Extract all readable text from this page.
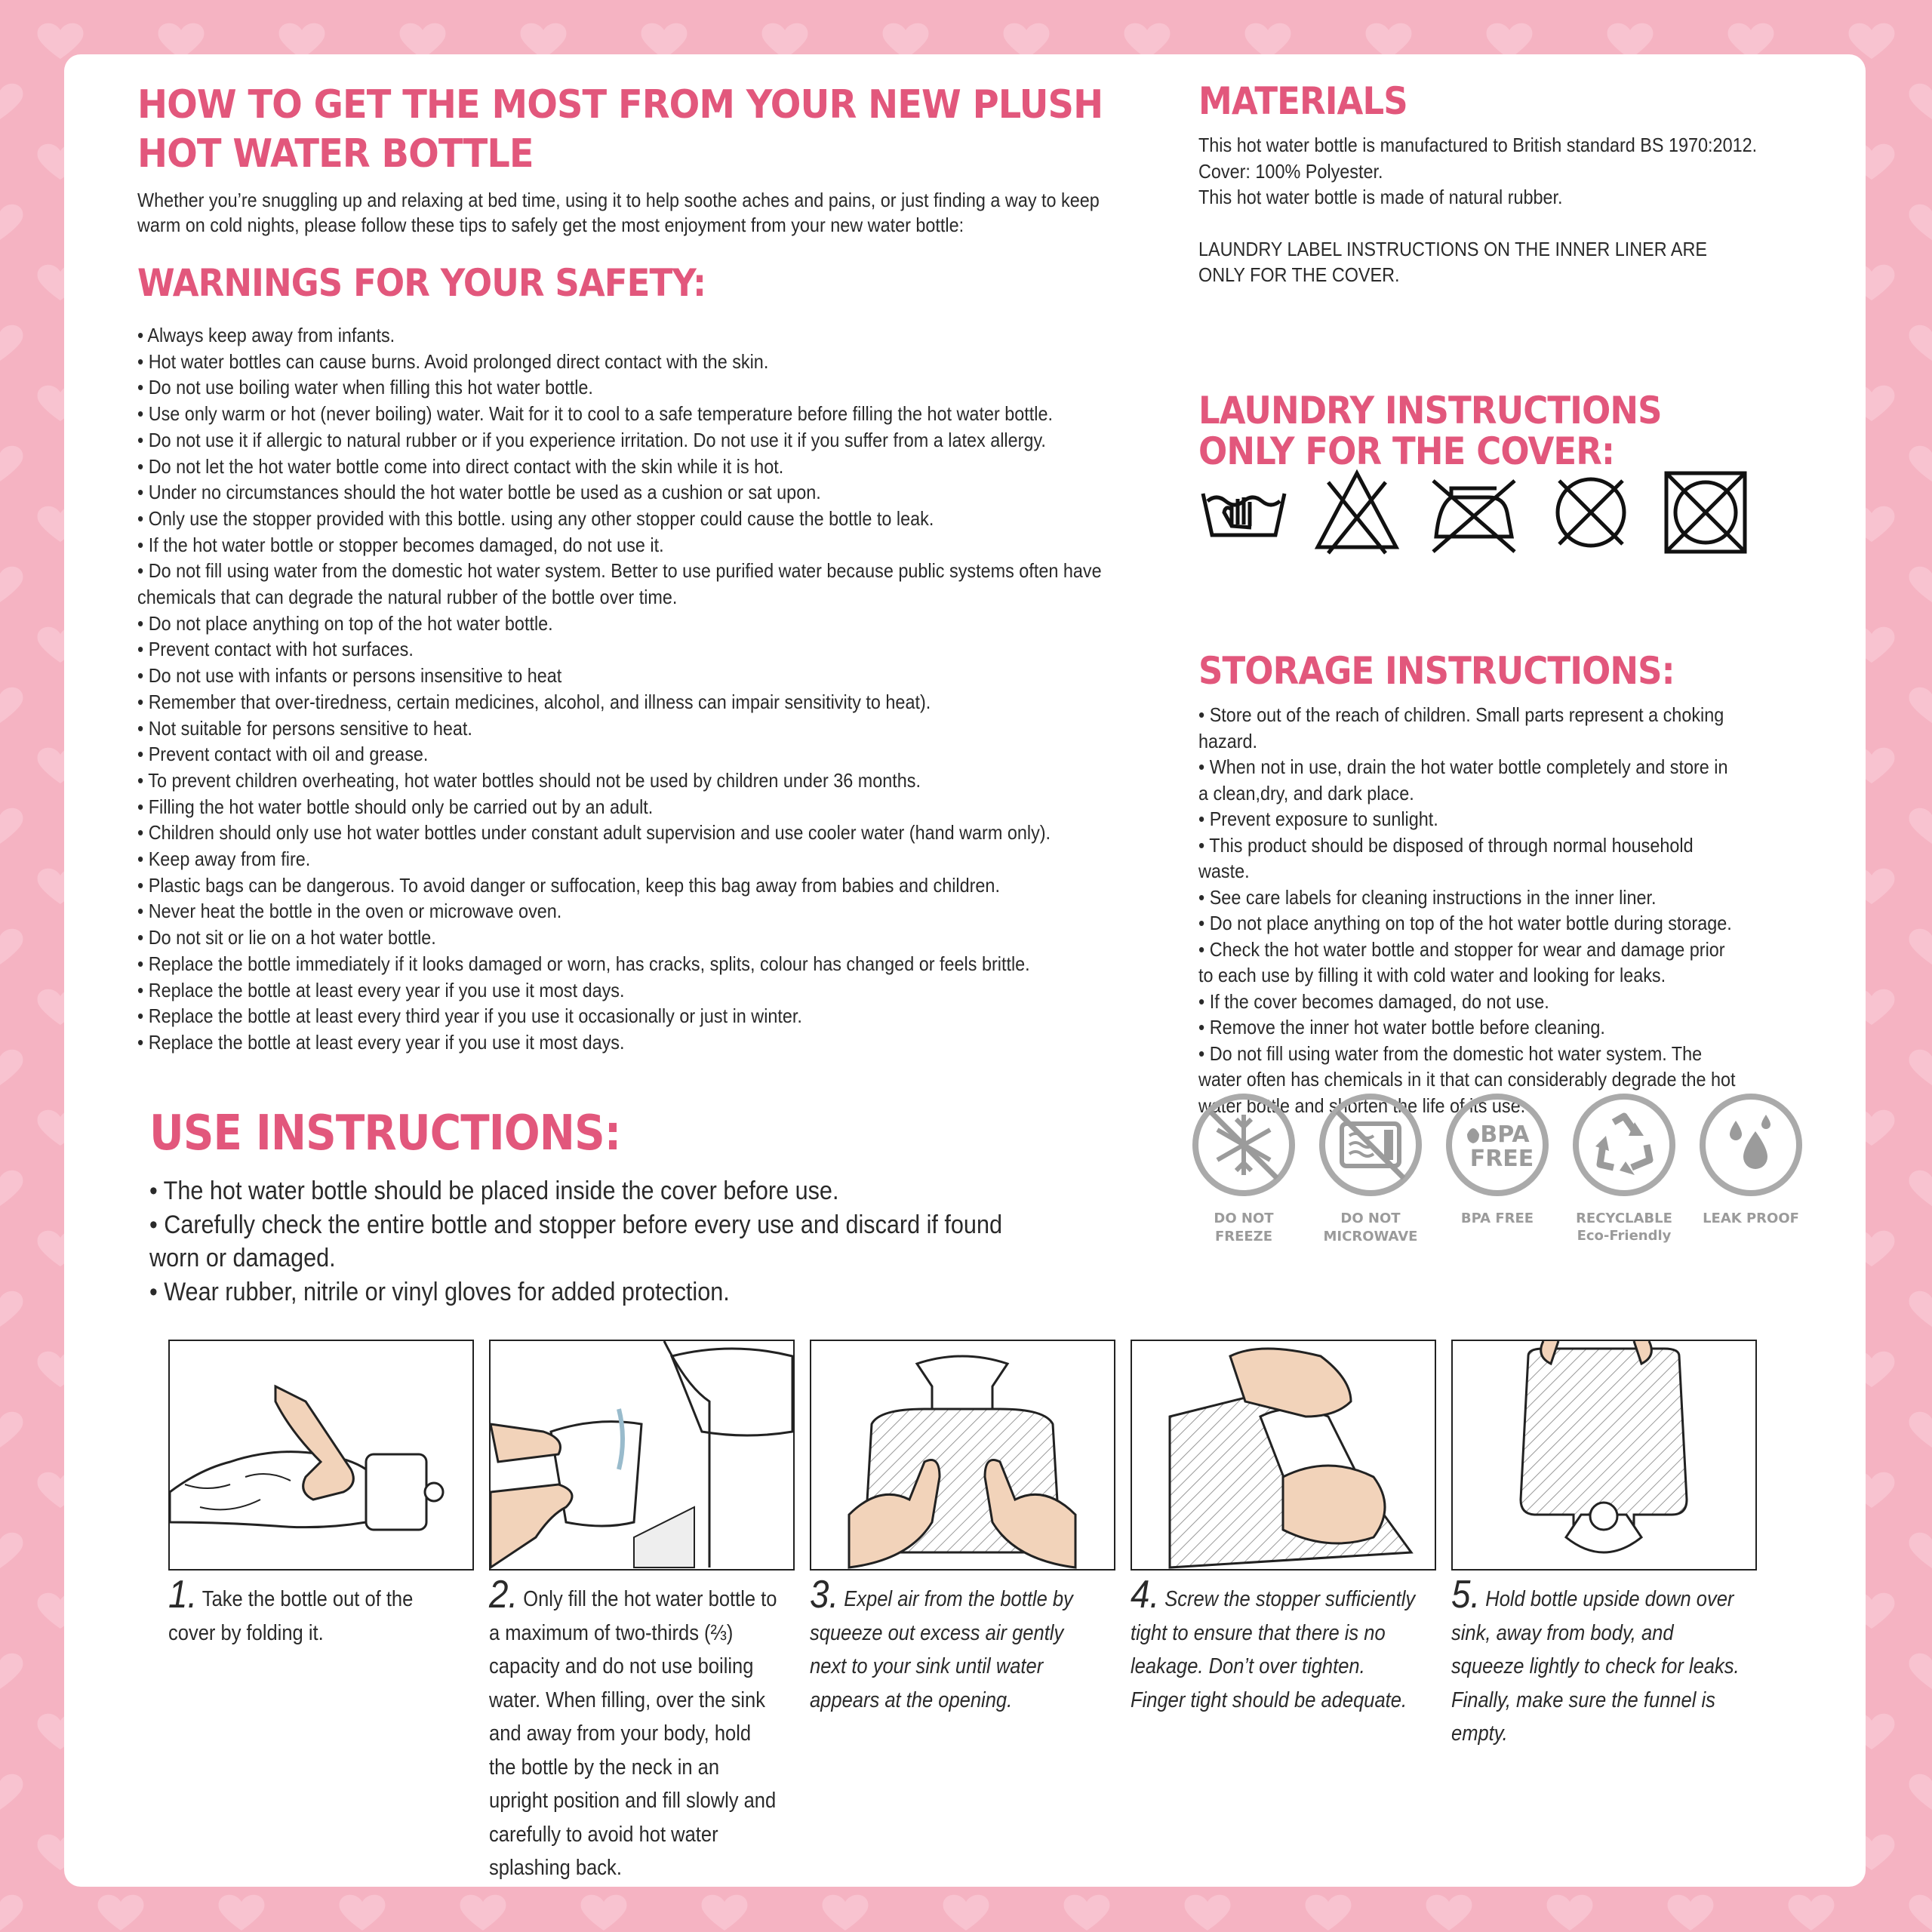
HOW TO GET THE MOST FROM YOUR NEW PLUSH HOT WATER BOTTLE

Whether you’re snuggling up and relaxing at bed time, using it to help soothe aches and pains, or just finding a way to keep warm on cold nights, please follow these tips to safely get the most enjoyment from your new water bottle:

WARNINGS FOR YOUR SAFETY:
• Always keep away from infants.
• Hot water bottles can cause burns. Avoid prolonged direct contact with the skin.
• Do not use boiling water when filling this hot water bottle.
• Use only warm or hot (never boiling) water. Wait for it to cool to a safe temperature before filling the hot water bottle.
• Do not use it if allergic to natural rubber or if you experience irritation. Do not use it if you suffer from a latex allergy.
• Do not let the hot water bottle come into direct contact with the skin while it is hot.
• Under no circumstances should the hot water bottle be used as a cushion or sat upon.
• Only use the stopper provided with this bottle. using any other stopper could cause the bottle to leak.
• If the hot water bottle or stopper becomes damaged, do not use it.
• Do not fill using water from the domestic hot water system. Better to use purified water because public systems often have chemicals that can degrade the natural rubber of the bottle over time.
• Do not place anything on top of the hot water bottle.
• Prevent contact with hot surfaces.
• Do not use with infants or persons insensitive to heat
• Remember that over-tiredness, certain medicines, alcohol, and illness can impair sensitivity to heat).
• Not suitable for persons sensitive to heat.
• Prevent contact with oil and grease.
• To prevent children overheating, hot water bottles should not be used by children under 36 months.
• Filling the hot water bottle should only be carried out by an adult.
• Children should only use hot water bottles under constant adult supervision and use cooler water (hand warm only).
• Keep away from fire.
• Plastic bags can be dangerous. To avoid danger or suffocation, keep this bag away from babies and children.
• Never heat the bottle in the oven or microwave oven.
• Do not sit or lie on a hot water bottle.
• Replace the bottle immediately if it looks damaged or worn, has cracks, splits, colour has changed or feels brittle.
• Replace the bottle at least every year if you use it most days.
• Replace the bottle at least every third year if you use it occasionally or just in winter.
• Replace the bottle at least every year if you use it most days.
USE INSTRUCTIONS:
• The hot water bottle should be placed inside the cover before use.
• Carefully check the entire bottle and stopper before every use and discard if found worn or damaged.
• Wear rubber, nitrile or vinyl gloves for added protection.
MATERIALS

This hot water bottle is manufactured to British standard BS 1970:2012.

Cover: 100% Polyester.

This hot water bottle is made of natural rubber.

LAUNDRY LABEL INSTRUCTIONS ON THE INNER LINER ARE ONLY FOR THE COVER.

LAUNDRY INSTRUCTIONS ONLY FOR THE COVER:
STORAGE INSTRUCTIONS:

• Store out of the reach of children. Small parts represent a choking hazard.

• When not in use, drain the hot water bottle completely and store in a clean,dry, and dark place.

• Prevent exposure to sunlight.

• This product should be disposed of through normal household waste.

• See care labels for cleaning instructions in the inner liner.

• Do not place anything on top of the hot water bottle during storage.

• Check the hot water bottle and stopper for wear and damage prior to each use by filling it with cold water and looking for leaks.

• If the cover becomes damaged, do not use.

• Remove the inner hot water bottle before cleaning.

• Do not fill using water from the domestic hot water system. The water often has chemicals in it that can considerably degrade the hot water bottle and shorten the life of its use.

DO NOT FREEZE
DO NOT MICROWAVE
BPA
FREE
BPA FREE	RECYCLABLE
Eco-Friendly
LEAK PROOF
1. Take the bottle out of the cover by folding it.
2. Only fill the hot water bottle to a maximum of two-thirds (⅔) capacity and do not use boiling water. When filling, over the sink and away from your body, hold the bottle by the neck in an upright position and fill slowly and carefully to avoid hot water splashing back.
3. Expel air from the bottle by squeeze out excess air gently next to your sink until water appears at the opening.
4. Screw the stopper sufficiently tight to ensure that there is no leakage. Don’t over tighten. Finger tight should be adequate.
5. Hold bottle upside down over sink, away from body, and squeeze lightly to check for leaks. Finally, make sure the funnel is empty.
